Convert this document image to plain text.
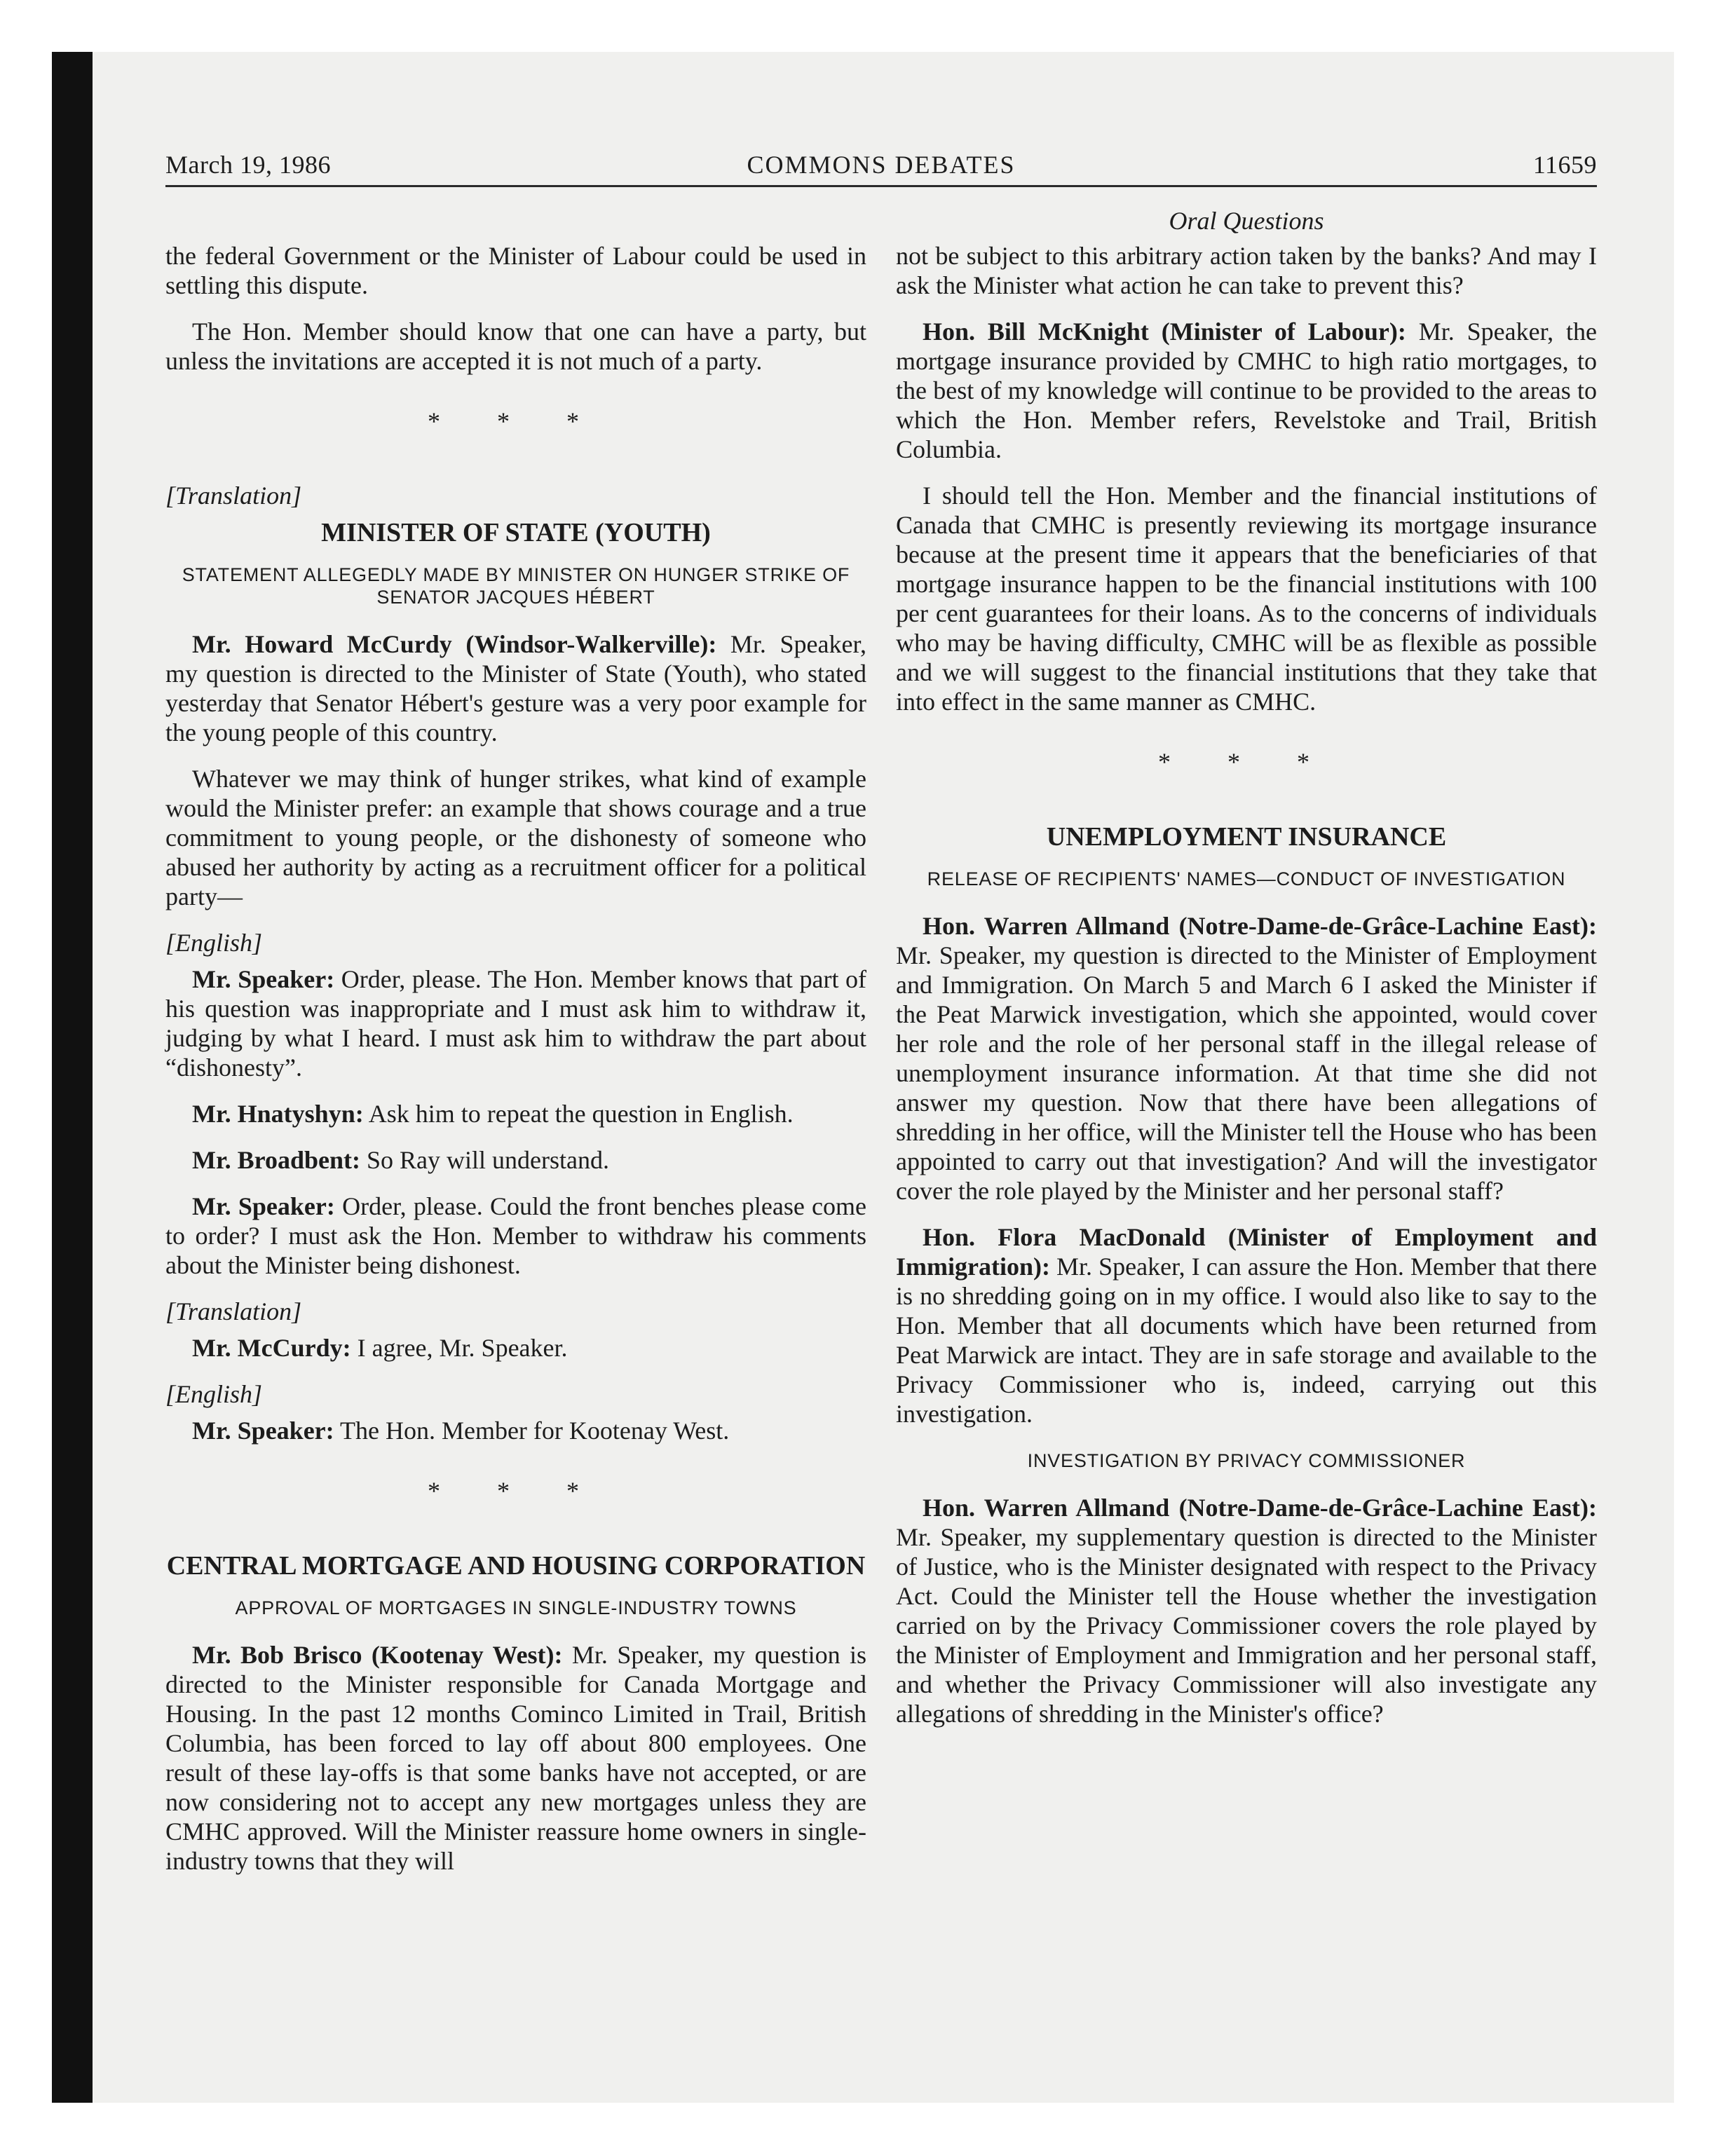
March 19, 1986	COMMONS DEBATES	11659
Oral Questions

the federal Government or the Minister of Labour could be used in settling this dispute.

The Hon. Member should know that one can have a party, but unless the invitations are accepted it is not much of a party.

* * *
[Translation]
MINISTER OF STATE (YOUTH)
STATEMENT ALLEGEDLY MADE BY MINISTER ON HUNGER STRIKE OF SENATOR JACQUES HÉBERT

Mr. Howard McCurdy (Windsor-Walkerville): Mr. Speaker, my question is directed to the Minister of State (Youth), who stated yesterday that Senator Hébert's gesture was a very poor example for the young people of this country.

Whatever we may think of hunger strikes, what kind of example would the Minister prefer: an example that shows courage and a true commitment to young people, or the dishonesty of someone who abused her authority by acting as a recruitment officer for a political party—

[English]

Mr. Speaker: Order, please. The Hon. Member knows that part of his question was inappropriate and I must ask him to withdraw it, judging by what I heard. I must ask him to withdraw the part about “dishonesty”.

Mr. Hnatyshyn: Ask him to repeat the question in English.

Mr. Broadbent: So Ray will understand.

Mr. Speaker: Order, please. Could the front benches please come to order? I must ask the Hon. Member to withdraw his comments about the Minister being dishonest.

[Translation]

Mr. McCurdy: I agree, Mr. Speaker.

[English]

Mr. Speaker: The Hon. Member for Kootenay West.

* * *
CENTRAL MORTGAGE AND HOUSING CORPORATION
APPROVAL OF MORTGAGES IN SINGLE-INDUSTRY TOWNS

Mr. Bob Brisco (Kootenay West): Mr. Speaker, my question is directed to the Minister responsible for Canada Mortgage and Housing. In the past 12 months Cominco Limited in Trail, British Columbia, has been forced to lay off about 800 employees. One result of these lay-offs is that some banks have not accepted, or are now considering not to accept any new mortgages unless they are CMHC approved. Will the Minister reassure home owners in single-industry towns that they will

not be subject to this arbitrary action taken by the banks? And may I ask the Minister what action he can take to prevent this?

Hon. Bill McKnight (Minister of Labour): Mr. Speaker, the mortgage insurance provided by CMHC to high ratio mortgages, to the best of my knowledge will continue to be provided to the areas to which the Hon. Member refers, Revelstoke and Trail, British Columbia.

I should tell the Hon. Member and the financial institutions of Canada that CMHC is presently reviewing its mortgage insurance because at the present time it appears that the beneficiaries of that mortgage insurance happen to be the financial institutions with 100 per cent guarantees for their loans. As to the concerns of individuals who may be having difficulty, CMHC will be as flexible as possible and we will suggest to the financial institutions that they take that into effect in the same manner as CMHC.

* * *
UNEMPLOYMENT INSURANCE
RELEASE OF RECIPIENTS' NAMES—CONDUCT OF INVESTIGATION

Hon. Warren Allmand (Notre-Dame-de-Grâce-Lachine East): Mr. Speaker, my question is directed to the Minister of Employment and Immigration. On March 5 and March 6 I asked the Minister if the Peat Marwick investigation, which she appointed, would cover her role and the role of her personal staff in the illegal release of unemployment insurance information. At that time she did not answer my question. Now that there have been allegations of shredding in her office, will the Minister tell the House who has been appointed to carry out that investigation? And will the investigator cover the role played by the Minister and her personal staff?

Hon. Flora MacDonald (Minister of Employment and Immigration): Mr. Speaker, I can assure the Hon. Member that there is no shredding going on in my office. I would also like to say to the Hon. Member that all documents which have been returned from Peat Marwick are intact. They are in safe storage and available to the Privacy Commissioner who is, indeed, carrying out this investigation.

INVESTIGATION BY PRIVACY COMMISSIONER

Hon. Warren Allmand (Notre-Dame-de-Grâce-Lachine East): Mr. Speaker, my supplementary question is directed to the Minister of Justice, who is the Minister designated with respect to the Privacy Act. Could the Minister tell the House whether the investigation carried on by the Privacy Commissioner covers the role played by the Minister of Employment and Immigration and her personal staff, and whether the Privacy Commissioner will also investigate any allegations of shredding in the Minister's office?
